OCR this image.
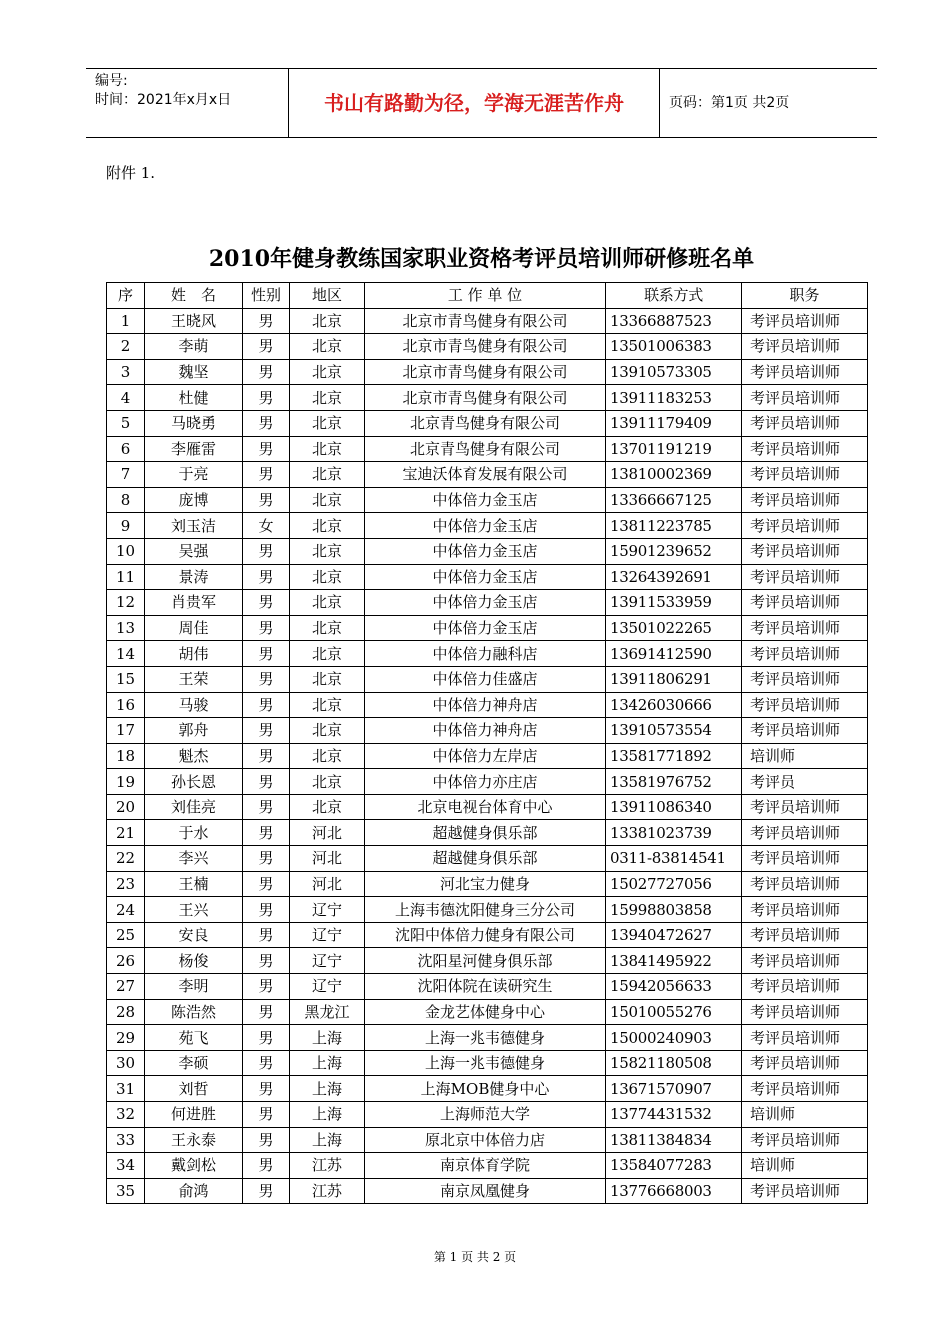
编号:
时间：2021年x月x日	书山有路勤为径，学海无涯苦作舟	页码：第1页 共2页
附件 1.
2010年健身教练国家职业资格考评员培训师研修班名单
序	姓　名	性别	地区	工 作 单 位	联系方式	职务
1	王晓风	男	北京	北京市青鸟健身有限公司	13366887523	考评员培训师
2	李萌	男	北京	北京市青鸟健身有限公司	13501006383	考评员培训师
3	魏坚	男	北京	北京市青鸟健身有限公司	13910573305	考评员培训师
4	杜健	男	北京	北京市青鸟健身有限公司	13911183253	考评员培训师
5	马晓勇	男	北京	北京青鸟健身有限公司	13911179409	考评员培训师
6	李雁雷	男	北京	北京青鸟健身有限公司	13701191219	考评员培训师
7	于亮	男	北京	宝迪沃体育发展有限公司	13810002369	考评员培训师
8	庞博	男	北京	中体倍力金玉店	13366667125	考评员培训师
9	刘玉洁	女	北京	中体倍力金玉店	13811223785	考评员培训师
10	吴强	男	北京	中体倍力金玉店	15901239652	考评员培训师
11	景涛	男	北京	中体倍力金玉店	13264392691	考评员培训师
12	肖贵军	男	北京	中体倍力金玉店	13911533959	考评员培训师
13	周佳	男	北京	中体倍力金玉店	13501022265	考评员培训师
14	胡伟	男	北京	中体倍力融科店	13691412590	考评员培训师
15	王荣	男	北京	中体倍力佳盛店	13911806291	考评员培训师
16	马骏	男	北京	中体倍力神舟店	13426030666	考评员培训师
17	郭舟	男	北京	中体倍力神舟店	13910573554	考评员培训师
18	魁杰	男	北京	中体倍力左岸店	13581771892	培训师
19	孙长恩	男	北京	中体倍力亦庄店	13581976752	考评员
20	刘佳亮	男	北京	北京电视台体育中心	13911086340	考评员培训师
21	于水	男	河北	超越健身俱乐部	13381023739	考评员培训师
22	李兴	男	河北	超越健身俱乐部	0311-83814541	考评员培训师
23	王楠	男	河北	河北宝力健身	15027727056	考评员培训师
24	王兴	男	辽宁	上海韦德沈阳健身三分公司	15998803858	考评员培训师
25	安良	男	辽宁	沈阳中体倍力健身有限公司	13940472627	考评员培训师
26	杨俊	男	辽宁	沈阳星河健身俱乐部	13841495922	考评员培训师
27	李明	男	辽宁	沈阳体院在读研究生	15942056633	考评员培训师
28	陈浩然	男	黑龙江	金龙艺体健身中心	15010055276	考评员培训师
29	苑飞	男	上海	上海一兆韦德健身	15000240903	考评员培训师
30	李硕	男	上海	上海一兆韦德健身	15821180508	考评员培训师
31	刘哲	男	上海	上海MOB健身中心	13671570907	考评员培训师
32	何进胜	男	上海	上海师范大学	13774431532	培训师
33	王永泰	男	上海	原北京中体倍力店	13811384834	考评员培训师
34	戴剑松	男	江苏	南京体育学院	13584077283	培训师
35	俞鸿	男	江苏	南京凤凰健身	13776668003	考评员培训师
第 1 页 共 2 页
